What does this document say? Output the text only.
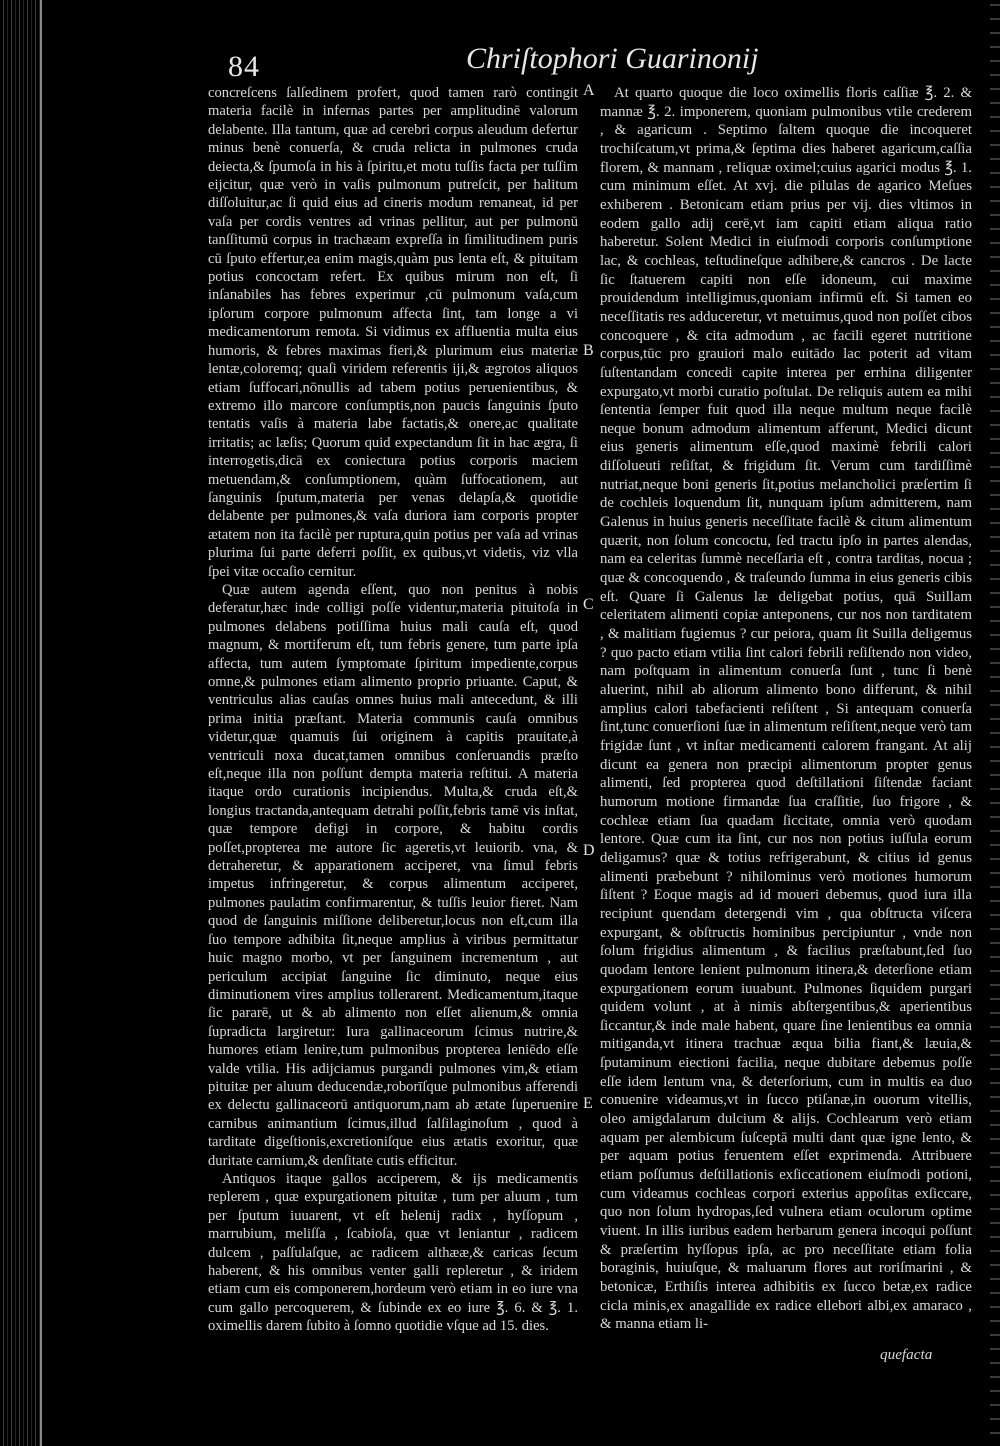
84	Chriſtophori Guarinonij
A
B
C
D
E

concreſcens ſalſedinem profert, quod tamen rarò contingit materia facilè in infernas partes per amplitudinē valorum delabente. Illa tantum, quæ ad cerebri corpus aleudum defertur minus benè conuerſa, & cruda relicta in pulmones cruda deiecta,& ſpumoſa in his à ſpiritu,et motu tuſſis facta per tuſſim eijcitur, quæ verò in vaſis pulmonum putreſcit, per halitum diſſoluitur,ac ſi quid eius ad cineris modum remaneat, id per vaſa per cordis ventres ad vrinas pellitur, aut per pulmonū tanſſitumū corpus in trachæam expreſſa in ſimilitudinem puris cū ſputo effertur,ea enim magis,quàm pus lenta eſt, & pituitam potius concoctam refert. Ex quibus mirum non eſt, ſi inſanabiles has febres experimur ,cū pulmonum vaſa,cum ipſorum corpore pulmonum affecta ſint, tam longe a vi medicamentorum remota. Si vidimus ex affluentia multa eius humoris, & febres maximas fieri,& plurimum eius materiæ lentæ,coloremq; quaſi viridem referentis iji,& ægrotos aliquos etiam ſuffocari,nōnullis ad tabem potius peruenientibus, & extremo illo marcore conſumptis,non paucis ſanguinis ſputo tentatis vaſis à materia labe factatis,& onere,ac qualitate irritatis; ac læſis; Quorum quid expectandum ſit in hac ægra, ſi interrogetis,dicā ex coniectura potius corporis maciem metuendam,& conſumptionem, quàm ſuffocationem, aut ſanguinis ſputum,materia per venas delapſa,& quotidie delabente per pulmones,& vaſa duriora iam corporis propter ætatem non ita facilè per ruptura,quin potius per vaſa ad vrinas plurima ſui parte deferri poſſit, ex quibus,vt videtis, viz vlla ſpei vitæ occaſio cernitur.

Quæ autem agenda eſſent, quo non penitus à nobis deferatur,hæc inde colligi poſſe videntur,materia pituitoſa in pulmones delabens potiſſima huius mali cauſa eſt, quod magnum, & mortiferum eſt, tum febris genere, tum parte ipſa affecta, tum autem ſymptomate ſpiritum impediente,corpus omne,& pulmones etiam alimento proprio priuante. Caput, & ventriculus alias cauſas omnes huius mali antecedunt, & illi prima initia præſtant. Materia communis cauſa omnibus videtur,quæ quamuis ſui originem à capitis prauitate,à ventriculi noxa ducat,tamen omnibus conſeruandis præſto eſt,neque illa non poſſunt dempta materia reſtitui. A materia itaque ordo curationis incipiendus. Multa,& cruda eſt,& longius tractanda,antequam detrahi poſſit,febris tamē vis inſtat, quæ tempore defigi in corpore, & habitu cordis poſſet,propterea me autore ſic ageretis,vt leuiorib. vna, & detraheretur, & apparationem acciperet, vna ſimul febris impetus infringeretur, & corpus alimentum acciperet, pulmones paulatim confirmarentur, & tuſſis leuior fieret. Nam quod de ſanguinis miſſione deliberetur,locus non eſt,cum illa ſuo tempore adhibita ſit,neque amplius à viribus permittatur huic magno morbo, vt per ſanguinem incrementum , aut periculum accipiat ſanguine ſic diminuto, neque eius diminutionem vires amplius tollerarent. Medicamentum,itaque ſic pararē, ut & ab alimento non eſſet alienum,& omnia ſupradicta largiretur: Iura gallinaceorum ſcimus nutrire,& humores etiam lenire,tum pulmonibus propterea leniēdo eſſe valde vtilia. His adijciamus purgandi pulmones vim,& etiam pituitæ per aluum deducendæ,roborīſque pulmonibus afferendi ex delectu gallinaceorū antiquorum,nam ab ætate ſuperuenire carnibus animantium ſcimus,illud ſalſilaginoſum , quod à tarditate digeſtionis,excretioniſque eius ætatis exoritur, quæ duritate carnium,& denſitate cutis efficitur.

Antiquos itaque gallos acciperem, & ijs medicamentis replerem , quæ expurgationem pituitæ , tum per aluum , tum per ſputum iuuarent, vt eſt helenij radix , hyſſopum , marrubium, meliſſa , ſcabioſa, quæ vt leniantur , radicem dulcem , paſſulaſque, ac radicem althææ,& caricas ſecum haberent, & his omnibus venter galli repleretur , & iridem etiam cum eis componerem,hordeum verò etiam in eo iure vna cum gallo percoquerem, & ſubinde ex eo iure ℥. 6. & ℥. 1. oximellis darem ſubito à ſomno quotidie vſque ad 15. dies.

At quarto quoque die loco oximellis floris caſſiæ ℥. 2. & mannæ ℥. 2. imponerem, quoniam pulmonibus vtile crederem , & agaricum . Septimo ſaltem quoque die incoqueret trochiſcatum,vt prima,& ſeptima dies haberet agaricum,caſſia florem, & mannam , reliquæ oximel;cuius agarici modus ℥. 1. cum minimum eſſet. At xvj. die pilulas de agarico Meſues exhiberem . Betonicam etiam prius per vij. dies vltimos in eodem gallo adij cerē,vt iam capiti etiam aliqua ratio haberetur. Solent Medici in eiuſmodi corporis conſumptione lac, & cochleas, teſtudineſque adhibere,& cancros . De lacte ſic ſtatuerem capiti non eſſe idoneum, cui maxime prouidendum intelligimus,quoniam infirmū eſt. Si tamen eo neceſſitatis res adduceretur, vt metuimus,quod non poſſet cibos concoquere , & cita admodum , ac facili egeret nutritione corpus,tūc pro grauiori malo euitādo lac poterit ad vitam ſuſtentandam concedi capite interea per errhina diligenter expurgato,vt morbi curatio poſtulat. De reliquis autem ea mihi ſententia ſemper fuit quod illa neque multum neque facilè neque bonum admodum alimentum afferunt, Medici dicunt eius generis alimentum eſſe,quod maximè febrili calori diſſolueuti reſiſtat, & frigidum ſit. Verum cum tardiſſimè nutriat,neque boni generis ſit,potius melancholici præſertim ſi de cochleis loquendum ſit, nunquam ipſum admitterem, nam Galenus in huius generis neceſſitate facilè & citum alimentum quærit, non ſolum concoctu, ſed tractu ipſo in partes alendas, nam ea celeritas ſummè neceſſaria eſt , contra tarditas, nocua ; quæ & concoquendo , & traſeundo ſumma in eius generis cibis eſt. Quare ſi Galenus læ deligebat potius, quā Suillam celeritatem alimenti copiæ anteponens, cur nos non tarditatem , & malitiam fugiemus ? cur peiora, quam ſit Suilla deligemus ? quo pacto etiam vtilia ſint calori febrili reſiſtendo non video, nam poſtquam in alimentum conuerſa ſunt , tunc ſi benè aluerint, nihil ab aliorum alimento bono differunt, & nihil amplius calori tabefacienti reſiſtent , Si antequam conuerſa ſint,tunc conuerſioni ſuæ in alimentum reſiſtent,neque verò tam frigidæ ſunt , vt inſtar medicamenti calorem frangant. At alij dicunt ea genera non præcipi alimentorum propter genus alimenti, ſed propterea quod deſtillationi ſiſtendæ faciant humorum motione firmandæ ſua craſſitie, ſuo frigore , & cochleæ etiam ſua quadam ſiccitate, omnia verò quodam lentore. Quæ cum ita ſint, cur nos non potius iuſſula eorum deligamus? quæ & totius refrigerabunt, & citius id genus alimenti præbebunt ? nihilominus verò motiones humorum ſiſtent ? Eoque magis ad id moueri debemus, quod iura illa recipiunt quendam detergendi vim , qua obſtructa viſcera expurgant, & obſtructis hominibus percipiuntur , vnde non ſolum frigidius alimentum , & facilius præſtabunt,ſed ſuo quodam lentore lenient pulmonum itinera,& deterſione etiam expurgationem eorum iuuabunt. Pulmones ſiquidem purgari quidem volunt , at à nimis abſtergentibus,& aperientibus ſiccantur,& inde male habent, quare ſine lenientibus ea omnia mitiganda,vt itinera trachuæ æqua bilia fiant,& læuia,& ſputaminum eiectioni facilia, neque dubitare debemus poſſe eſſe idem lentum vna, & deterſorium, cum in multis ea duo conuenire videamus,vt in ſucco ptiſanæ,in ouorum vitellis, oleo amigdalarum dulcium & alijs. Cochlearum verò etiam aquam per alembicum ſuſceptā multi dant quæ igne lento, & per aquam potius feruentem eſſet exprimenda. Attribuere etiam poſſumus deſtillationis exſiccationem eiuſmodi potioni, cum videamus cochleas corpori exterius appoſitas exſiccare, quo non ſolum hydropas,ſed vulnera etiam oculorum optime viuent. In illis iuribus eadem herbarum genera incoqui poſſunt & præſertim hyſſopus ipſa, ac pro neceſſitate etiam folia boraginis, huiuſque, & maluarum flores aut roriſmarini , & betonicæ, Erthiſis interea adhibitis ex ſucco betæ,ex radice cicla minis,ex anagallide ex radice ellebori albi,ex amaraco , & manna etiam li-

quefacta
